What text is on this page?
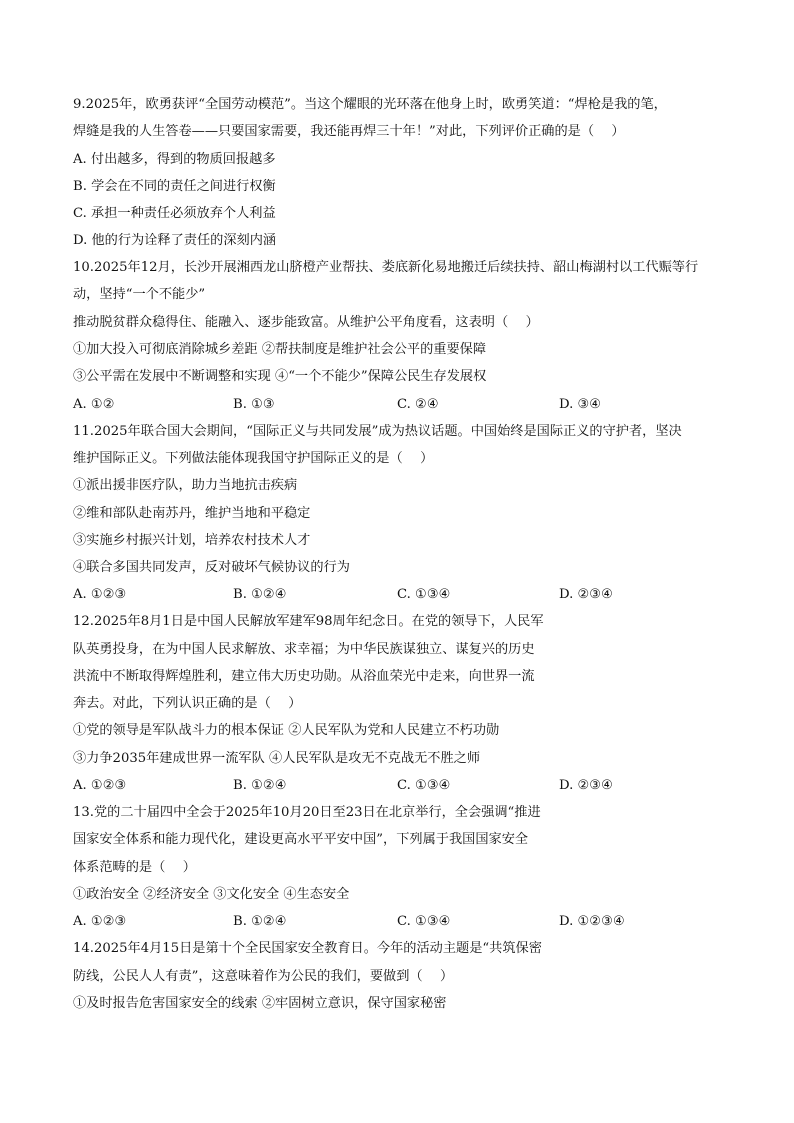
9.2025年，欧勇获评“全国劳动模范”。当这个耀眼的光环落在他身上时，欧勇笑道：“焊枪是我的笔，
焊缝是我的人生答卷——只要国家需要，我还能再焊三十年！”对此，下列评价正确的是（　 ）
A. 付出越多，得到的物质回报越多
B. 学会在不同的责任之间进行权衡
C. 承担一种责任必须放弃个人利益
D. 他的行为诠释了责任的深刻内涵
10.2025年12月，长沙开展湘西龙山脐橙产业帮扶、娄底新化易地搬迁后续扶持、韶山梅湖村以工代赈等行
动，坚持“一个不能少”
推动脱贫群众稳得住、能融入、逐步能致富。从维护公平角度看，这表明（　 ）
①加大投入可彻底消除城乡差距 ②帮扶制度是维护社会公平的重要保障
③公平需在发展中不断调整和实现 ④“一个不能少”保障公民生存发展权
A. ①②	B. ①③	C. ②④	D. ③④
11.2025年联合国大会期间，“国际正义与共同发展”成为热议话题。中国始终是国际正义的守护者，坚决
维护国际正义。下列做法能体现我国守护国际正义的是（　 ）
①派出援非医疗队，助力当地抗击疾病
②维和部队赴南苏丹，维护当地和平稳定
③实施乡村振兴计划，培养农村技术人才
④联合多国共同发声，反对破坏气候协议的行为
A. ①②③	B. ①②④	C. ①③④	D. ②③④
12.2025年8月1日是中国人民解放军建军98周年纪念日。在党的领导下，人民军
队英勇投身，在为中国人民求解放、求幸福；为中华民族谋独立、谋复兴的历史
洪流中不断取得辉煌胜利，建立伟大历史功勋。从浴血荣光中走来，向世界一流
奔去。对此，下列认识正确的是（　 ）
①党的领导是军队战斗力的根本保证 ②人民军队为党和人民建立不朽功勋
③力争2035年建成世界一流军队 ④人民军队是攻无不克战无不胜之师
A. ①②③	B. ①②④	C. ①③④	D. ②③④
13.党的二十届四中全会于2025年10月20日至23日在北京举行，全会强调“推进
国家安全体系和能力现代化，建设更高水平平安中国”，下列属于我国国家安全
体系范畴的是（　 ）
①政治安全 ②经济安全 ③文化安全 ④生态安全
A. ①②③	B. ①②④	C. ①③④	D. ①②③④
14.2025年4月15日是第十个全民国家安全教育日。今年的活动主题是“共筑保密
防线，公民人人有责”，这意味着作为公民的我们，要做到（　 ）
①及时报告危害国家安全的线索 ②牢固树立意识，保守国家秘密
